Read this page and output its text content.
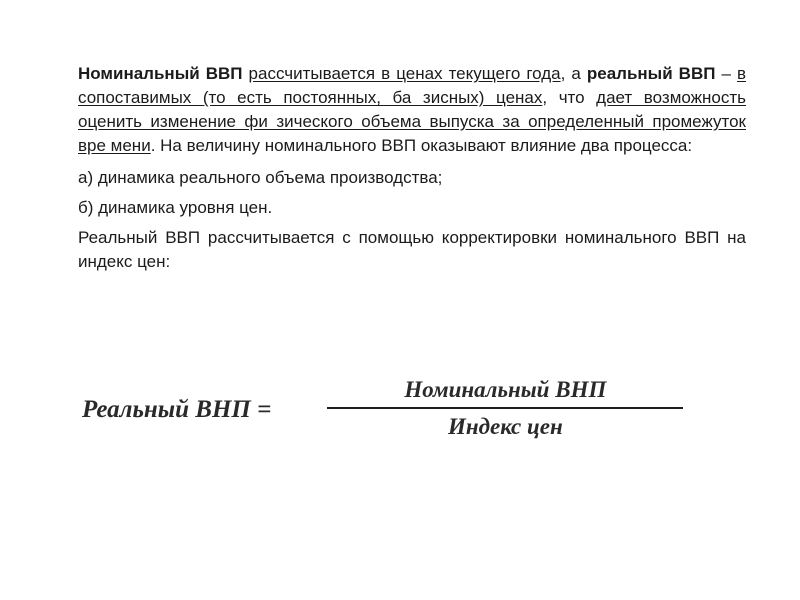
Номинальный ВВП рассчитывается в ценах текущего года, а реальный ВВП – в сопоставимых (то есть постоянных, ба зисных) ценах, что дает возможность оценить изменение фи зического объема выпуска за определенный промежуток вре мени. На величину номинального ВВП оказывают влияние два процесса:

а) динамика реального объема производства;

б) динамика уровня цен.

Реальный ВВП рассчитывается с помощью корректировки номинального ВВП на индекс цен:

Реальный ВНП =
Номинальный ВНП
Индекс цен
